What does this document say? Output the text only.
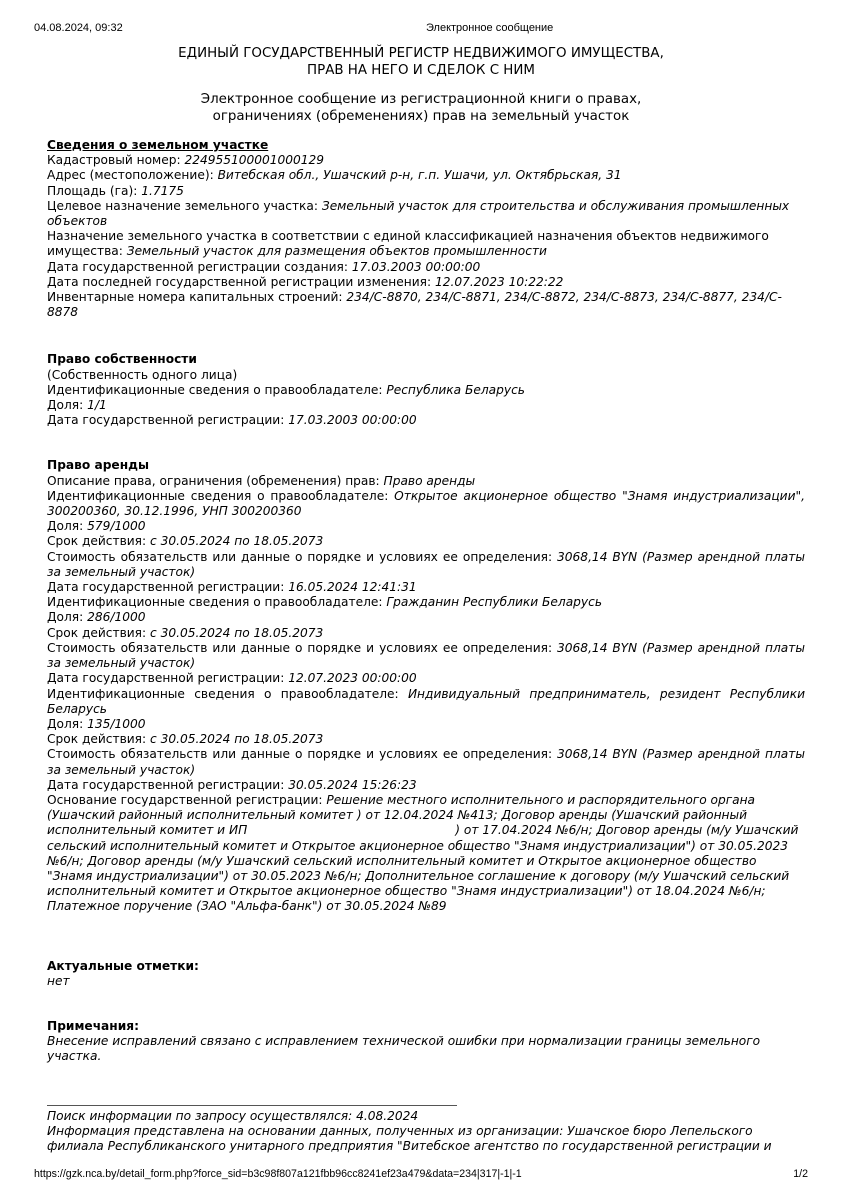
04.08.2024, 09:32	Электронное сообщение
ЕДИНЫЙ ГОСУДАРСТВЕННЫЙ РЕГИСТР НЕДВИЖИМОГО ИМУЩЕСТВА,
ПРАВ НА НЕГО И СДЕЛОК С НИМ
Электронное сообщение из регистрационной книги о правах,
ограничениях (обременениях) прав на земельный участок
Сведения о земельном участке
Кадастровый номер: 224955100001000129
Адрес (местоположение): Витебская обл., Ушачский р-н, г.п. Ушачи, ул. Октябрьская, 31
Площадь (га): 1.7175
Целевое назначение земельного участка: Земельный участок для строительства и обслуживания промышленных объектов
Назначение земельного участка в соответствии с единой классификацией назначения объектов недвижимого имущества: Земельный участок для размещения объектов промышленности
Дата государственной регистрации создания: 17.03.2003 00:00:00
Дата последней государственной регистрации изменения: 12.07.2023 10:22:22
Инвентарные номера капитальных строений: 234/C-8870, 234/C-8871, 234/C-8872, 234/C-8873, 234/C-8877, 234/C-8878
Право собственности
(Собственность одного лица)
Идентификационные сведения о правообладателе: Республика Беларусь
Доля: 1/1
Дата государственной регистрации: 17.03.2003 00:00:00
Право аренды
Описание права, ограничения (обременения) прав: Право аренды
Идентификационные сведения о правообладателе: Открытое акционерное общество "Знамя индустриализации", 300200360, 30.12.1996, УНП 300200360
Доля: 579/1000
Срок действия: с 30.05.2024 по 18.05.2073
Стоимость обязательств или данные о порядке и условиях ее определения: 3068,14 BYN (Размер арендной платы за земельный участок)
Дата государственной регистрации: 16.05.2024 12:41:31
Идентификационные сведения о правообладателе: Гражданин Республики Беларусь
Доля: 286/1000
Срок действия: с 30.05.2024 по 18.05.2073
Стоимость обязательств или данные о порядке и условиях ее определения: 3068,14 BYN (Размер арендной платы за земельный участок)
Дата государственной регистрации: 12.07.2023 00:00:00
Идентификационные сведения о правообладателе: Индивидуальный предприниматель, резидент Республики Беларусь
Доля: 135/1000
Срок действия: с 30.05.2024 по 18.05.2073
Стоимость обязательств или данные о порядке и условиях ее определения: 3068,14 BYN (Размер арендной платы за земельный участок)
Дата государственной регистрации: 30.05.2024 15:26:23
Основание государственной регистрации: Решение местного исполнительного и распорядительного органа (Ушачский районный исполнительный комитет ) от 12.04.2024 №413; Договор аренды (Ушачский районный исполнительный комитет и ИП	) от 17.04.2024 №6/н; Договор аренды (м/у Ушачский сельский исполнительный комитет и Открытое акционерное общество "Знамя индустриализации") от 30.05.2023 №6/н; Договор аренды (м/у Ушачский сельский исполнительный комитет и Открытое акционерное общество "Знамя индустриализации") от 30.05.2023 №6/н; Дополнительное соглашение к договору (м/у Ушачский сельский исполнительный комитет и Открытое акционерное общество "Знамя индустриализации") от 18.04.2024 №6/н; Платежное поручение (ЗАО "Альфа-банк") от 30.05.2024 №89
Актуальные отметки:
нет
Примечания:
Внесение исправлений связано с исправлением технической ошибки при нормализации границы земельного участка.
Поиск информации по запросу осуществлялся: 4.08.2024
Информация представлена на основании данных, полученных из организации: Ушачское бюро Лепельского филиала Республиканского унитарного предприятия "Витебское агентство по государственной регистрации и
https://gzk.nca.by/detail_form.php?force_sid=b3c98f807a121fbb96cc8241ef23a479&data=234|317|-1|-1	1/2
